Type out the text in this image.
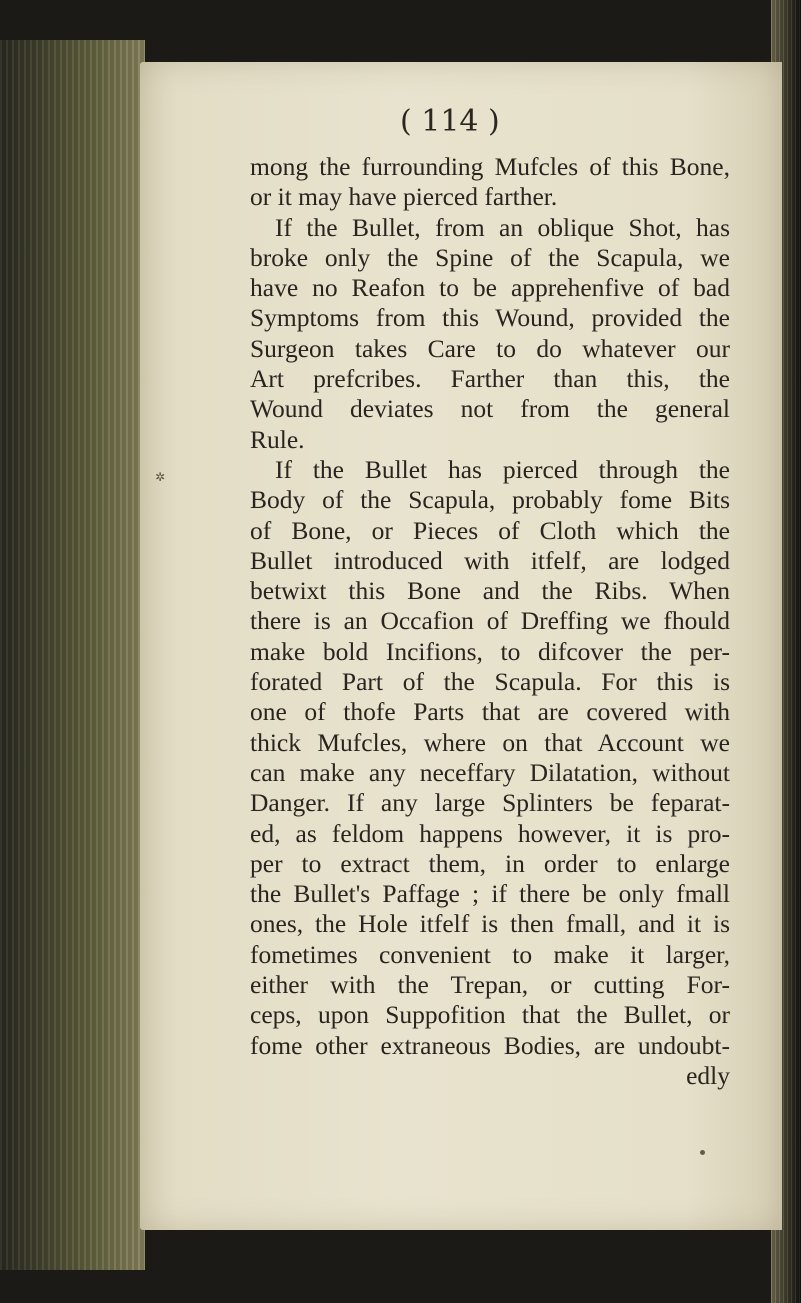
✲
( 114 )
mong the furrounding Mufcles of this Bone,
or it may have pierced farther.
If the Bullet, from an oblique Shot, has
broke only the Spine of the Scapula, we
have no Reafon to be apprehenfive of bad
Symptoms from this Wound, provided the
Surgeon takes Care to do whatever our
Art prefcribes. Farther than this, the
Wound deviates not from the general
Rule.
If the Bullet has pierced through the
Body of the Scapula, probably fome Bits
of Bone, or Pieces of Cloth which the
Bullet introduced with itfelf, are lodged
betwixt this Bone and the Ribs. When
there is an Occafion of Dreffing we fhould
make bold Incifions, to difcover the per-
forated Part of the Scapula. For this is
one of thofe Parts that are covered with
thick Mufcles, where on that Account we
can make any neceffary Dilatation, without
Danger. If any large Splinters be feparat-
ed, as feldom happens however, it is pro-
per to extract them, in order to enlarge
the Bullet's Paffage ; if there be only fmall
ones, the Hole itfelf is then fmall, and it is
fometimes convenient to make it larger,
either with the Trepan, or cutting For-
ceps, upon Suppofition that the Bullet, or
fome other extraneous Bodies, are undoubt-
edly
